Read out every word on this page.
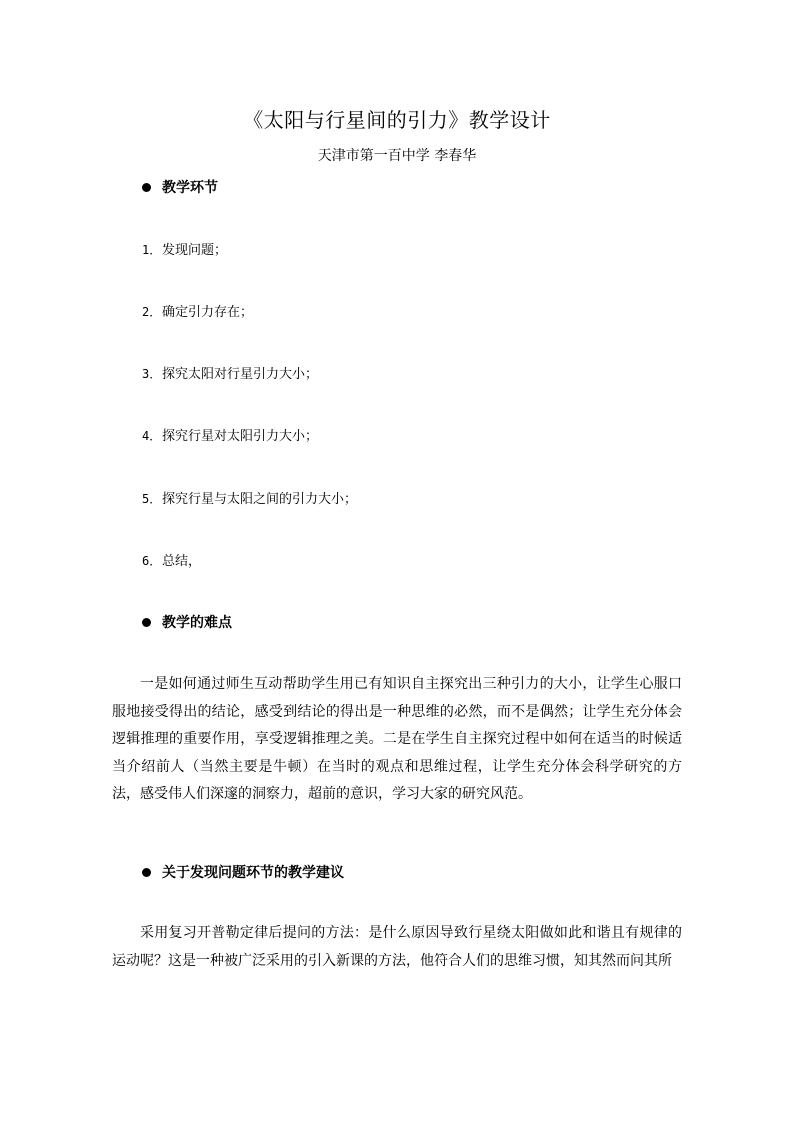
《太阳与行星间的引力》教学设计
天津市第一百中学 李春华
教学环节
1．发现问题；
2．确定引力存在；
3．探究太阳对行星引力大小；
4．探究行星对太阳引力大小；
5．探究行星与太阳之间的引力大小；
6．总结，
教学的难点

一是如何通过师生互动帮助学生用已有知识自主探究出三种引力的大小，让学生心服口服地接受得出的结论，感受到结论的得出是一种思维的必然，而不是偶然；让学生充分体会逻辑推理的重要作用，享受逻辑推理之美。二是在学生自主探究过程中如何在适当的时候适当介绍前人（当然主要是牛顿）在当时的观点和思维过程，让学生充分体会科学研究的方法，感受伟人们深邃的洞察力，超前的意识，学习大家的研究风范。

关于发现问题环节的教学建议

采用复习开普勒定律后提问的方法：是什么原因导致行星绕太阳做如此和谐且有规律的运动呢？这是一种被广泛采用的引入新课的方法，他符合人们的思维习惯，知其然而问其所
